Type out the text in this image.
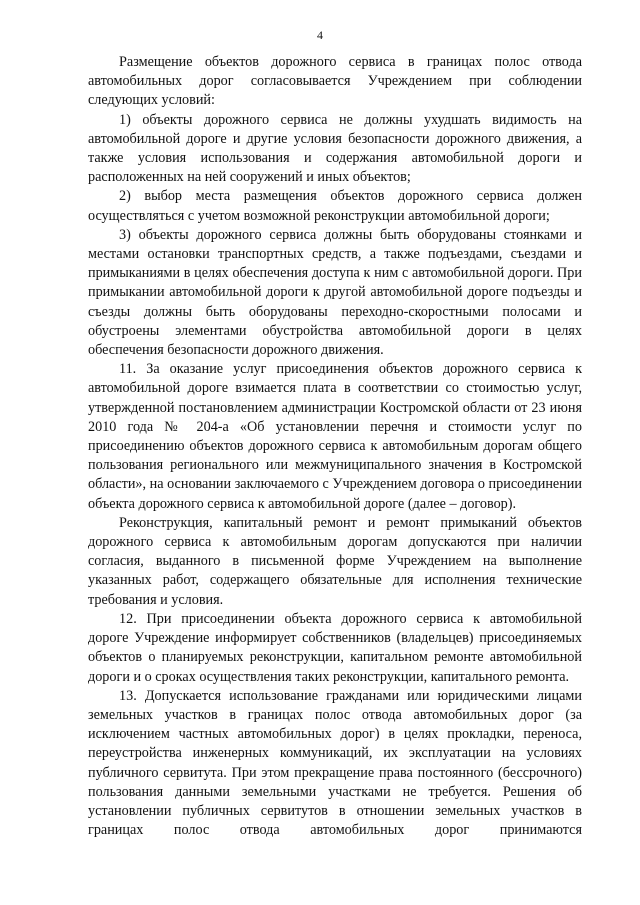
4

Размещение объектов дорожного сервиса в границах полос отвода автомобильных дорог согласовывается Учреждением при соблюдении следующих условий:

1) объекты дорожного сервиса не должны ухудшать видимость на автомобильной дороге и другие условия безопасности дорожного движения, а также условия использования и содержания автомобильной дороги и расположенных на ней сооружений и иных объектов;

2) выбор места размещения объектов дорожного сервиса должен осуществляться с учетом возможной реконструкции автомобильной дороги;

3) объекты дорожного сервиса должны быть оборудованы стоянками и местами остановки транспортных средств, а также подъездами, съездами и примыканиями в целях обеспечения доступа к ним с автомобильной дороги. При примыкании автомобильной дороги к другой автомобильной дороге подъезды и съезды должны быть оборудованы переходно-скоростными полосами и обустроены элементами обустройства автомобильной дороги в целях обеспечения безопасности дорожного движения.

11. За оказание услуг присоединения объектов дорожного сервиса к автомобильной дороге взимается плата в соответствии со стоимостью услуг, утвержденной постановлением администрации Костромской области от 23 июня 2010 года № 204-а «Об установлении перечня и стоимости услуг по присоединению объектов дорожного сервиса к автомобильным дорогам общего пользования регионального или межмуниципального значения в Костромской области», на основании заключаемого с Учреждением договора о присоединении объекта дорожного сервиса к автомобильной дороге (далее – договор).

Реконструкция, капитальный ремонт и ремонт примыканий объектов дорожного сервиса к автомобильным дорогам допускаются при наличии согласия, выданного в письменной форме Учреждением на выполнение указанных работ, содержащего обязательные для исполнения технические требования и условия.

12. При присоединении объекта дорожного сервиса к автомобильной дороге Учреждение информирует собственников (владельцев) присоединяемых объектов о планируемых реконструкции, капитальном ремонте автомобильной дороги и о сроках осуществления таких реконструкции, капитального ремонта.

13. Допускается использование гражданами или юридическими лицами земельных участков в границах полос отвода автомобильных дорог (за исключением частных автомобильных дорог) в целях прокладки, переноса, переустройства инженерных коммуникаций, их эксплуатации на условиях публичного сервитута. При этом прекращение права постоянного (бессрочного) пользования данными земельными участками не требуется. Решения об установлении публичных сервитутов в отношении земельных участков в границах полос отвода автомобильных дорог принимаются
